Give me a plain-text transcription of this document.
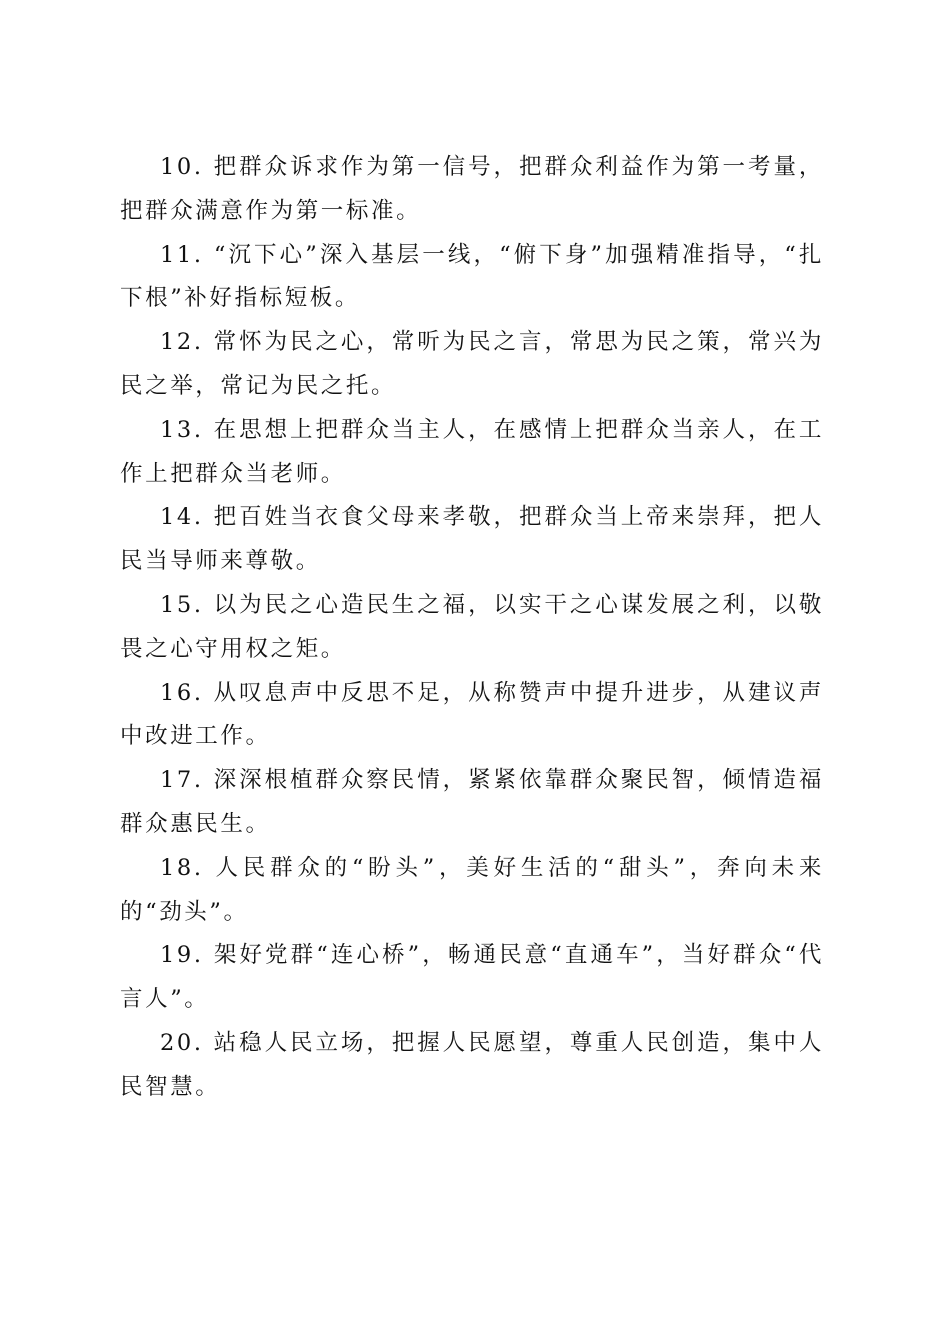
10. 把群众诉求作为第一信号，把群众利益作为第一考量，把群众满意作为第一标准。

11. “沉下心”深入基层一线，“俯下身”加强精准指导，“扎下根”补好指标短板。

12. 常怀为民之心，常听为民之言，常思为民之策，常兴为民之举，常记为民之托。

13. 在思想上把群众当主人，在感情上把群众当亲人，在工作上把群众当老师。

14. 把百姓当衣食父母来孝敬，把群众当上帝来崇拜，把人民当导师来尊敬。

15. 以为民之心造民生之福，以实干之心谋发展之利，以敬畏之心守用权之矩。

16. 从叹息声中反思不足，从称赞声中提升进步，从建议声中改进工作。

17. 深深根植群众察民情，紧紧依靠群众聚民智，倾情造福群众惠民生。

18. 人民群众的“盼头”，美好生活的“甜头”，奔向未来的“劲头”。

19. 架好党群“连心桥”，畅通民意“直通车”，当好群众“代言人”。

20. 站稳人民立场，把握人民愿望，尊重人民创造，集中人民智慧。
